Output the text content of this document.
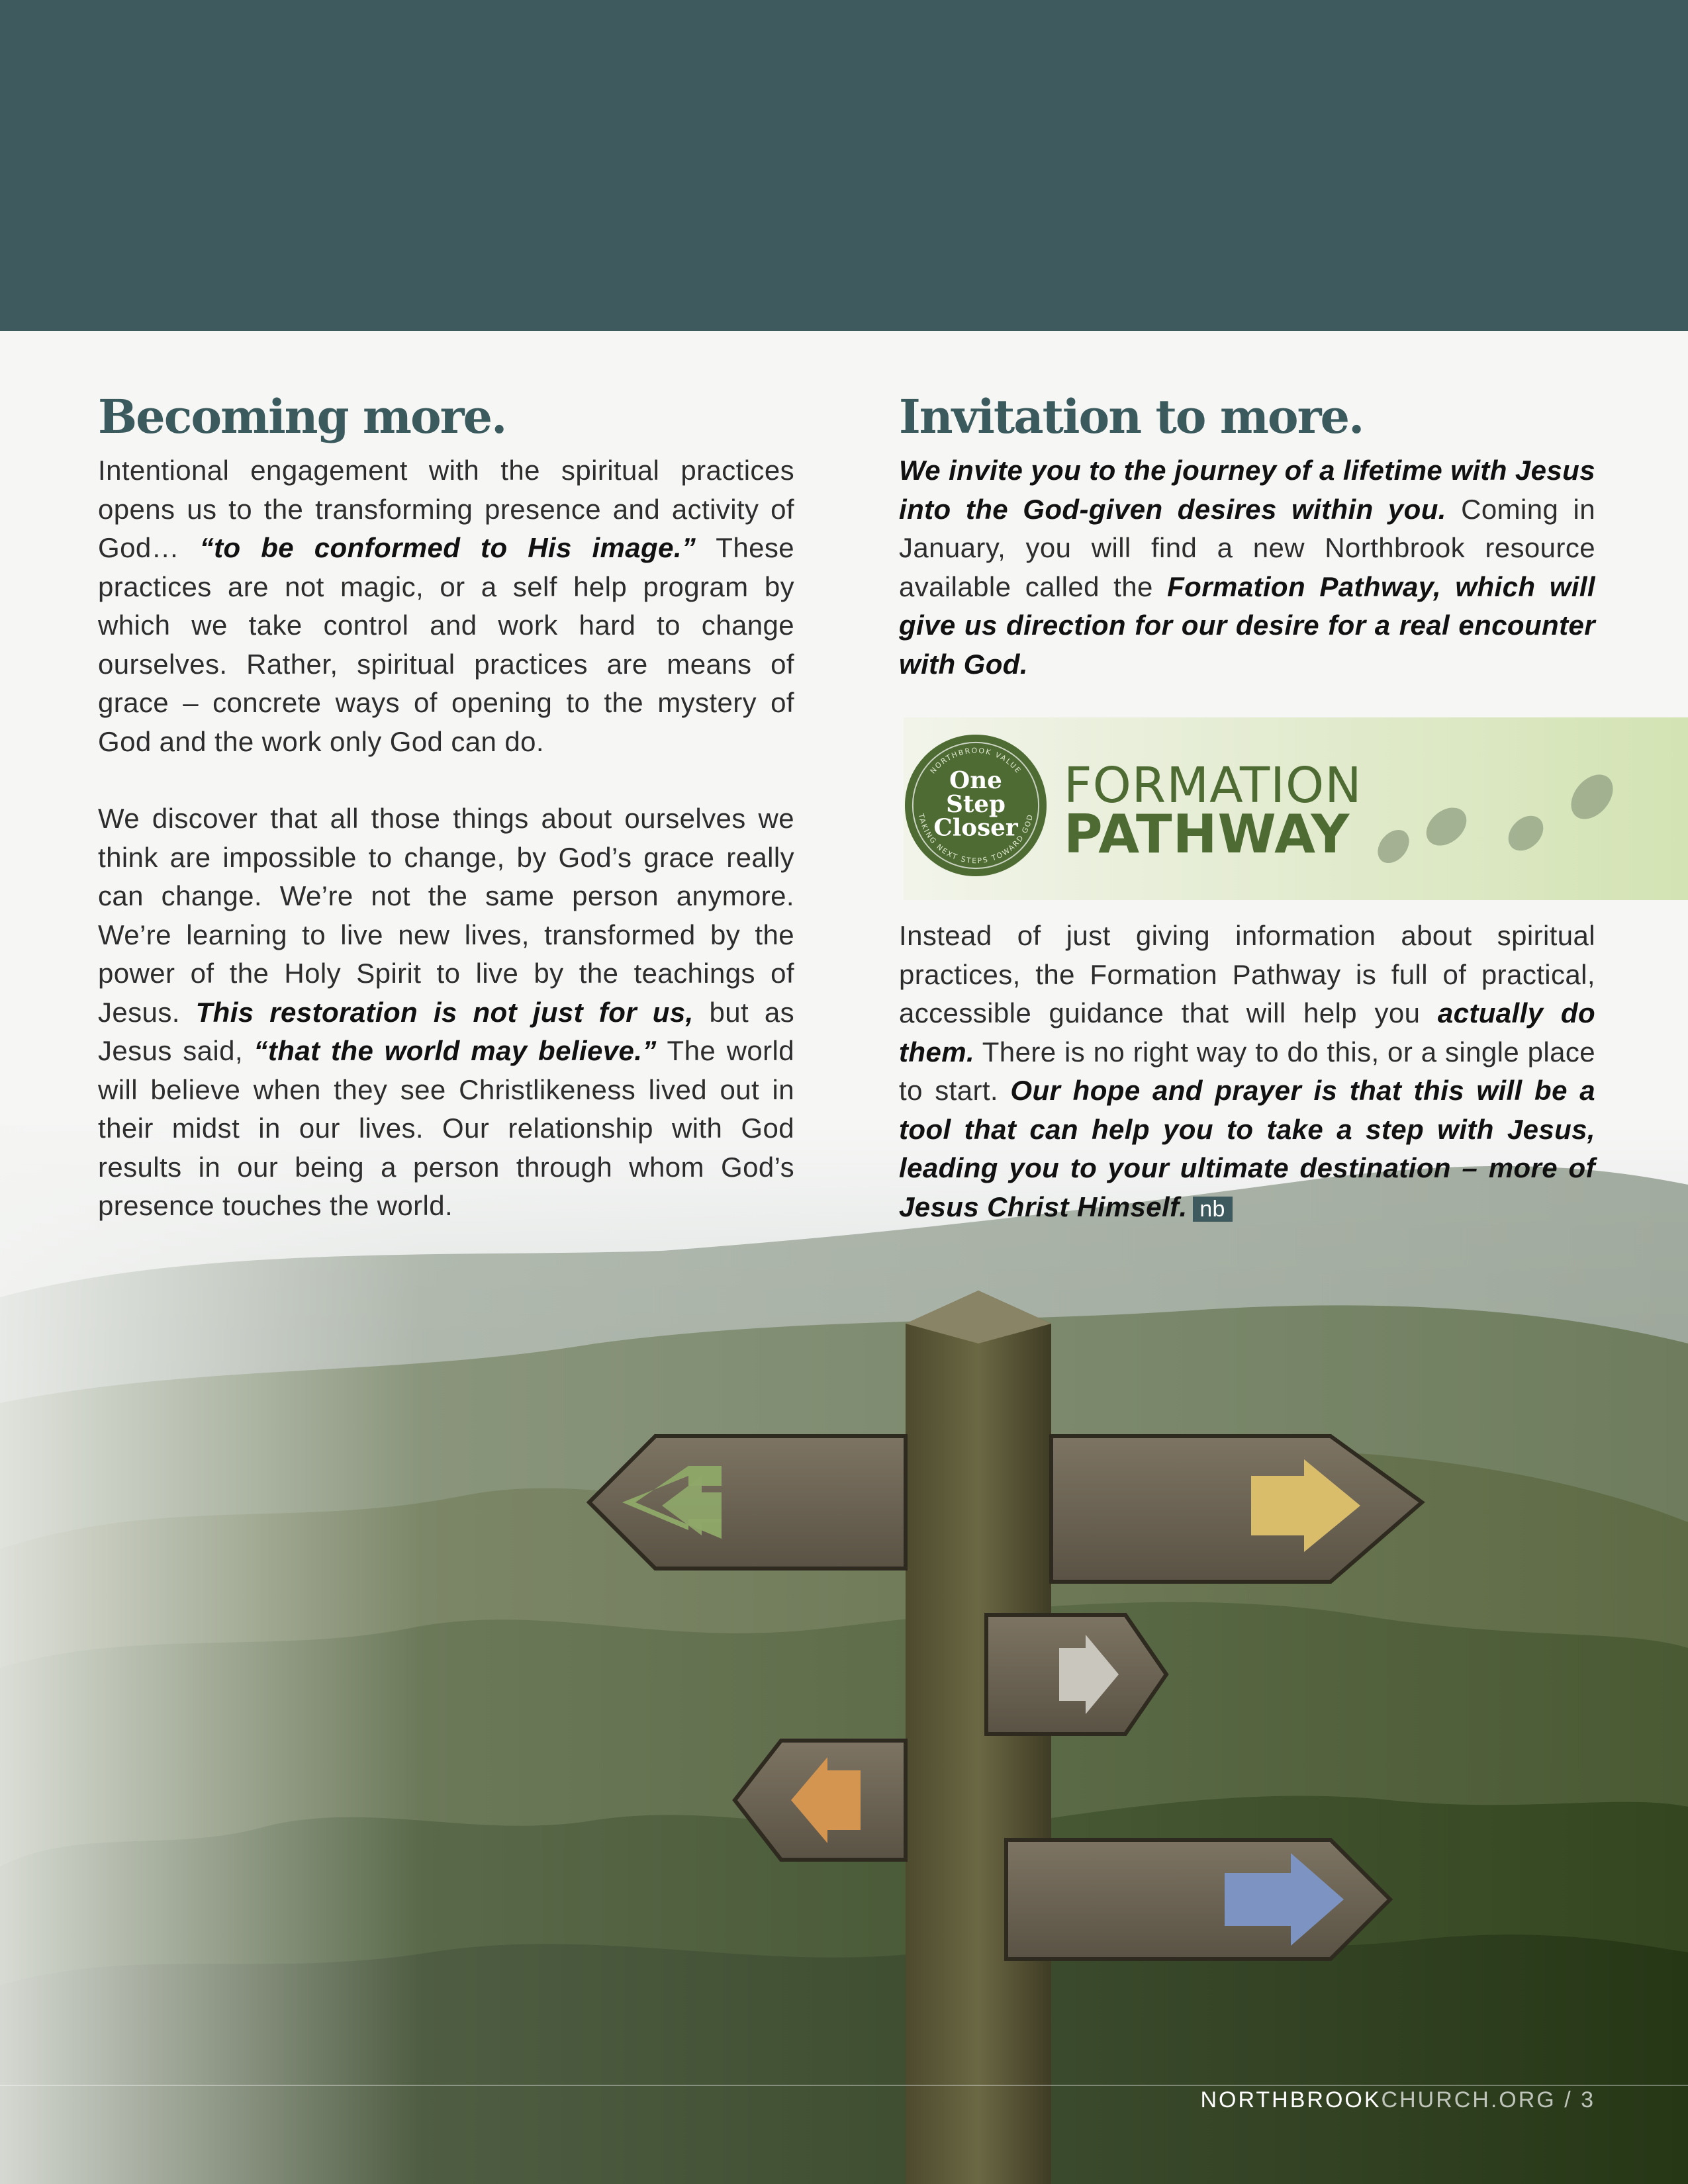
Becoming more.

Intentional engagement with the spiritual practices opens us to the transforming presence and activity of God… “to be conformed to His image.” These practices are not magic, or a self help program by which we take control and work hard to change ourselves. Rather, spiritual practices are means of grace – concrete ways of opening to the mystery of God and the work only God can do.

We discover that all those things about ourselves we think are impossible to change, by God’s grace really can change. We’re not the same person anymore. We’re learning to live new lives, transformed by the power of the Holy Spirit to live by the teachings of Jesus. This restoration is not just for us, but as Jesus said, “that the world may believe.” The world will believe when they see Christlikeness lived out in their midst in our lives. Our relationship with God results in our being a person through whom God’s presence touches the world.

Invitation to more.

We invite you to the journey of a lifetime with Jesus into the God-given desires within you. Coming in January, you will find a new Northbrook resource available called the Formation Pathway, which will give us direction for our desire for a real encounter with God.

NORTHBROOK VALUE
TAKING NEXT STEPS TOWARD GOD
One
Step
Closer
FORMATION
PATHWAY

Instead of just giving information about spiritual practices, the Formation Pathway is full of practical, accessible guidance that will help you actually do them. There is no right way to do this, or a single place to start. Our hope and prayer is that this will be a tool that can help you to take a step with Jesus, leading you to your ultimate destination – more of Jesus Christ Himself. nb

NORTHBROOKCHURCH.ORG / 3
